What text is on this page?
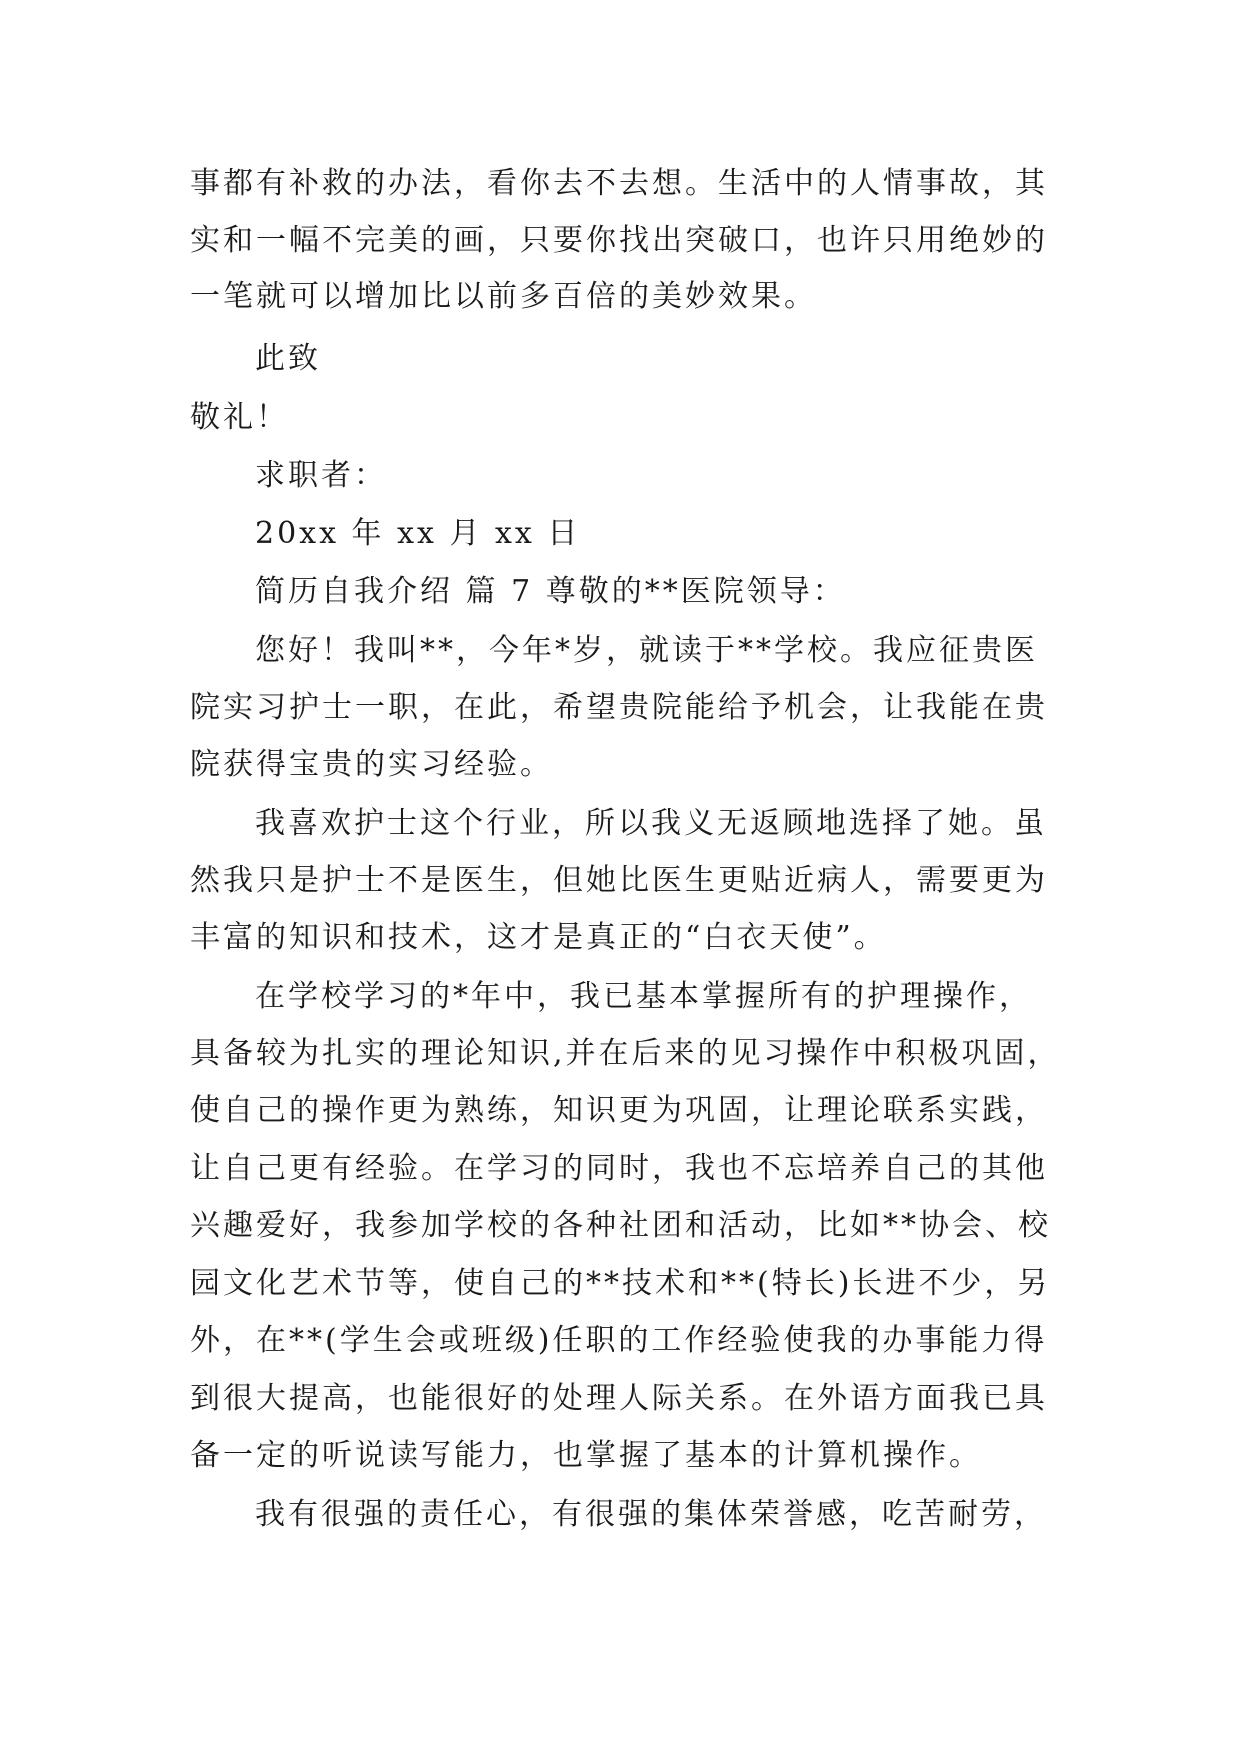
事都有补救的办法，看你去不去想。生活中的人情事故，其
实和一幅不完美的画，只要你找出突破口，也许只用绝妙的
一笔就可以增加比以前多百倍的美妙效果。
此致
敬礼！
求职者：
20xx 年 xx 月 xx 日
简历自我介绍 篇 7 尊敬的**医院领导：
您好！我叫**，今年*岁，就读于**学校。我应征贵医
院实习护士一职，在此，希望贵院能给予机会，让我能在贵
院获得宝贵的实习经验。
我喜欢护士这个行业，所以我义无返顾地选择了她。虽
然我只是护士不是医生，但她比医生更贴近病人，需要更为
丰富的知识和技术，这才是真正的“白衣天使”。
在学校学习的*年中，我已基本掌握所有的护理操作，
具备较为扎实的理论知识,并在后来的见习操作中积极巩固，
使自己的操作更为熟练，知识更为巩固，让理论联系实践，
让自己更有经验。在学习的同时，我也不忘培养自己的其他
兴趣爱好，我参加学校的各种社团和活动，比如**协会、校
园文化艺术节等，使自己的**技术和**(特长)长进不少，另
外，在**(学生会或班级)任职的工作经验使我的办事能力得
到很大提高，也能很好的处理人际关系。在外语方面我已具
备一定的听说读写能力，也掌握了基本的计算机操作。
我有很强的责任心，有很强的集体荣誉感，吃苦耐劳，
